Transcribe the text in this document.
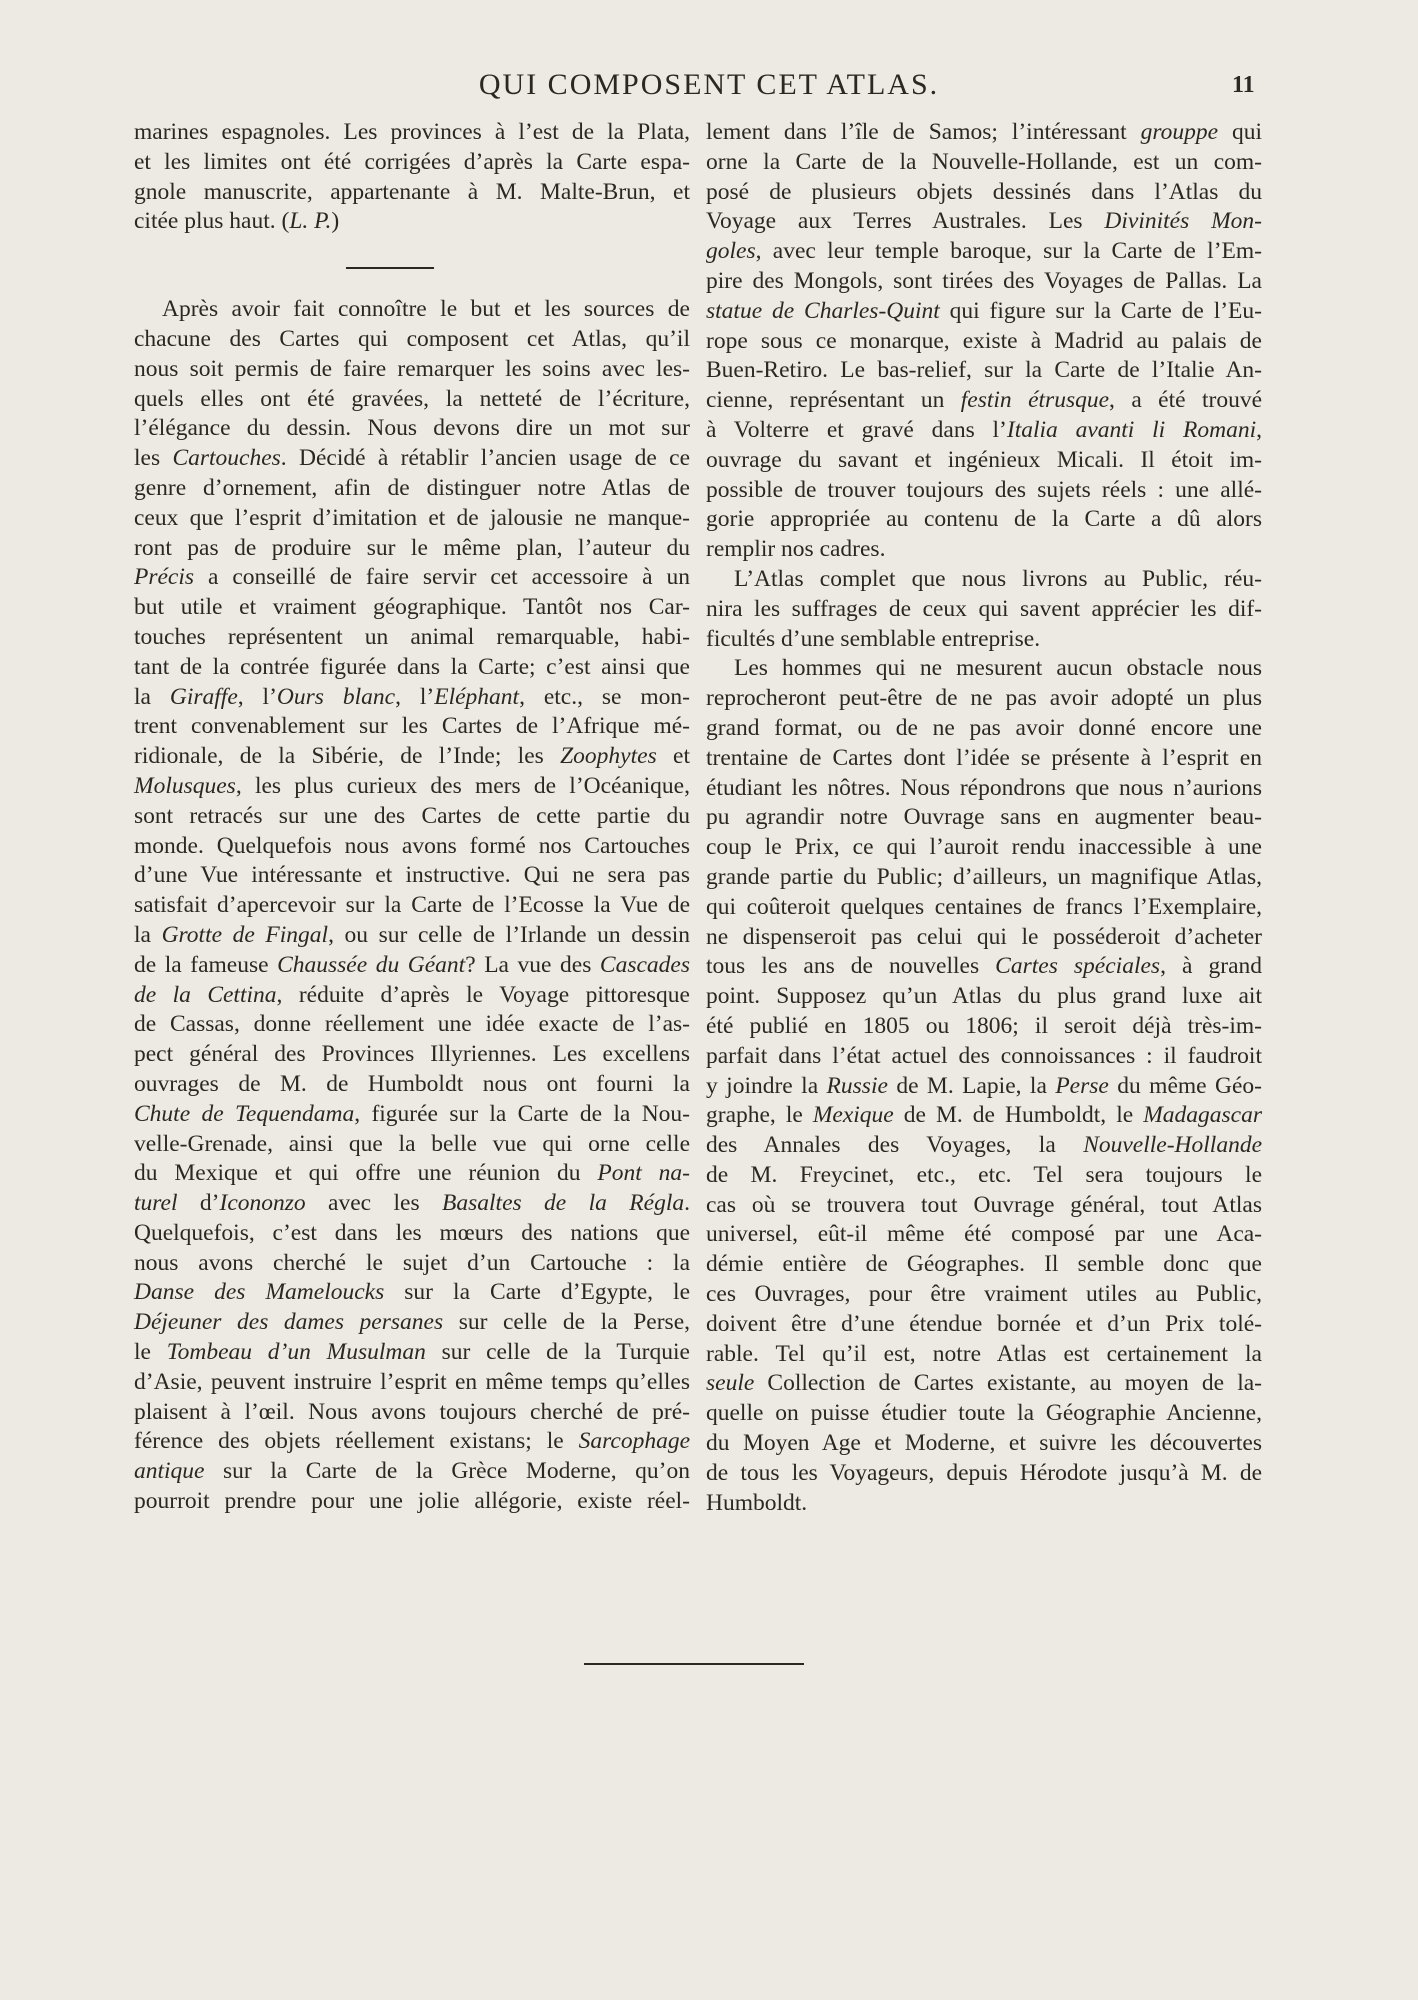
QUI COMPOSENT CET ATLAS.	11
marines espagnoles. Les provinces à l’est de la Plata,
et les limites ont été corrigées d’après la Carte espa-
gnole manuscrite, appartenante à M. Malte-Brun, et
citée plus haut. (L. P.)
Après avoir fait connoître le but et les sources de
chacune des Cartes qui composent cet Atlas, qu’il
nous soit permis de faire remarquer les soins avec les-
quels elles ont été gravées, la netteté de l’écriture,
l’élégance du dessin. Nous devons dire un mot sur
les Cartouches. Décidé à rétablir l’ancien usage de ce
genre d’ornement, afin de distinguer notre Atlas de
ceux que l’esprit d’imitation et de jalousie ne manque-
ront pas de produire sur le même plan, l’auteur du
Précis a conseillé de faire servir cet accessoire à un
but utile et vraiment géographique. Tantôt nos Car-
touches représentent un animal remarquable, habi-
tant de la contrée figurée dans la Carte; c’est ainsi que
la Giraffe, l’Ours blanc, l’Eléphant, etc., se mon-
trent convenablement sur les Cartes de l’Afrique mé-
ridionale, de la Sibérie, de l’Inde; les Zoophytes et
Molusques, les plus curieux des mers de l’Océanique,
sont retracés sur une des Cartes de cette partie du
monde. Quelquefois nous avons formé nos Cartouches
d’une Vue intéressante et instructive. Qui ne sera pas
satisfait d’apercevoir sur la Carte de l’Ecosse la Vue de
la Grotte de Fingal, ou sur celle de l’Irlande un dessin
de la fameuse Chaussée du Géant? La vue des Cascades
de la Cettina, réduite d’après le Voyage pittoresque
de Cassas, donne réellement une idée exacte de l’as-
pect général des Provinces Illyriennes. Les excellens
ouvrages de M. de Humboldt nous ont fourni la
Chute de Tequendama, figurée sur la Carte de la Nou-
velle-Grenade, ainsi que la belle vue qui orne celle
du Mexique et qui offre une réunion du Pont na-
turel d’Icononzo avec les Basaltes de la Régla.
Quelquefois, c’est dans les mœurs des nations que
nous avons cherché le sujet d’un Cartouche : la
Danse des Mameloucks sur la Carte d’Egypte, le
Déjeuner des dames persanes sur celle de la Perse,
le Tombeau d’un Musulman sur celle de la Turquie
d’Asie, peuvent instruire l’esprit en même temps qu’elles
plaisent à l’œil. Nous avons toujours cherché de pré-
férence des objets réellement existans; le Sarcophage
antique sur la Carte de la Grèce Moderne, qu’on
pourroit prendre pour une jolie allégorie, existe réel-
lement dans l’île de Samos; l’intéressant grouppe qui
orne la Carte de la Nouvelle-Hollande, est un com-
posé de plusieurs objets dessinés dans l’Atlas du
Voyage aux Terres Australes. Les Divinités Mon-
goles, avec leur temple baroque, sur la Carte de l’Em-
pire des Mongols, sont tirées des Voyages de Pallas. La
statue de Charles-Quint qui figure sur la Carte de l’Eu-
rope sous ce monarque, existe à Madrid au palais de
Buen-Retiro. Le bas-relief, sur la Carte de l’Italie An-
cienne, représentant un festin étrusque, a été trouvé
à Volterre et gravé dans l’Italia avanti li Romani,
ouvrage du savant et ingénieux Micali. Il étoit im-
possible de trouver toujours des sujets réels : une allé-
gorie appropriée au contenu de la Carte a dû alors
remplir nos cadres.
L’Atlas complet que nous livrons au Public, réu-
nira les suffrages de ceux qui savent apprécier les dif-
ficultés d’une semblable entreprise.
Les hommes qui ne mesurent aucun obstacle nous
reprocheront peut-être de ne pas avoir adopté un plus
grand format, ou de ne pas avoir donné encore une
trentaine de Cartes dont l’idée se présente à l’esprit en
étudiant les nôtres. Nous répondrons que nous n’aurions
pu agrandir notre Ouvrage sans en augmenter beau-
coup le Prix, ce qui l’auroit rendu inaccessible à une
grande partie du Public; d’ailleurs, un magnifique Atlas,
qui coûteroit quelques centaines de francs l’Exemplaire,
ne dispenseroit pas celui qui le posséderoit d’acheter
tous les ans de nouvelles Cartes spéciales, à grand
point. Supposez qu’un Atlas du plus grand luxe ait
été publié en 1805 ou 1806; il seroit déjà très-im-
parfait dans l’état actuel des connoissances : il faudroit
y joindre la Russie de M. Lapie, la Perse du même Géo-
graphe, le Mexique de M. de Humboldt, le Madagascar
des Annales des Voyages, la Nouvelle-Hollande
de M. Freycinet, etc., etc. Tel sera toujours le
cas où se trouvera tout Ouvrage général, tout Atlas
universel, eût-il même été composé par une Aca-
démie entière de Géographes. Il semble donc que
ces Ouvrages, pour être vraiment utiles au Public,
doivent être d’une étendue bornée et d’un Prix tolé-
rable. Tel qu’il est, notre Atlas est certainement la
seule Collection de Cartes existante, au moyen de la-
quelle on puisse étudier toute la Géographie Ancienne,
du Moyen Age et Moderne, et suivre les découvertes
de tous les Voyageurs, depuis Hérodote jusqu’à M. de
Humboldt.
